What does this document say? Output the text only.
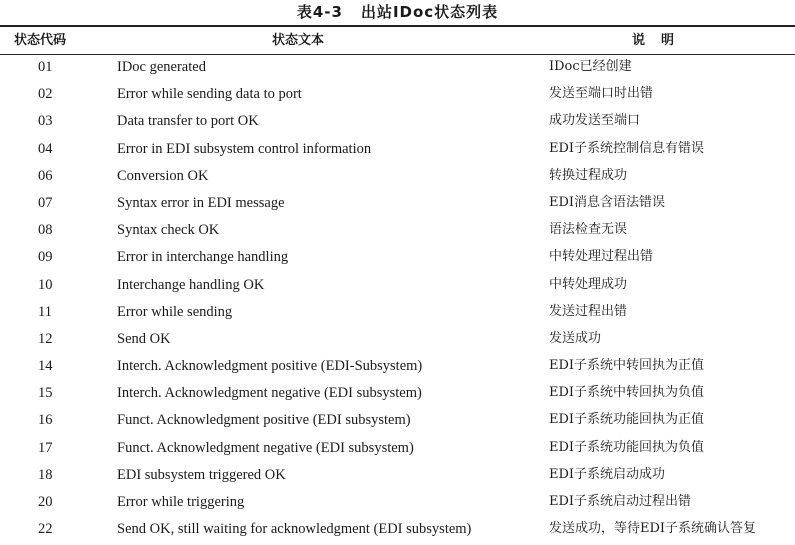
表4-3 出站IDoc状态列表
状态代码	状态文本	说明
01	IDoc generated	IDoc已经创建
02	Error while sending data to port	发送至端口时出错
03	Data transfer to port OK	成功发送至端口
04	Error in EDI subsystem control information	EDI子系统控制信息有错误
06	Conversion OK	转换过程成功
07	Syntax error in EDI message	EDI消息含语法错误
08	Syntax check OK	语法检查无误
09	Error in interchange handling	中转处理过程出错
10	Interchange handling OK	中转处理成功
11	Error while sending	发送过程出错
12	Send OK	发送成功
14	Interch. Acknowledgment positive (EDI-Subsystem)	EDI子系统中转回执为正值
15	Interch. Acknowledgment negative (EDI subsystem)	EDI子系统中转回执为负值
16	Funct. Acknowledgment positive (EDI subsystem)	EDI子系统功能回执为正值
17	Funct. Acknowledgment negative (EDI subsystem)	EDI子系统功能回执为负值
18	EDI subsystem triggered OK	EDI子系统启动成功
20	Error while triggering	EDI子系统启动过程出错
22	Send OK, still waiting for acknowledgment (EDI subsystem)	发送成功，等待EDI子系统确认答复
